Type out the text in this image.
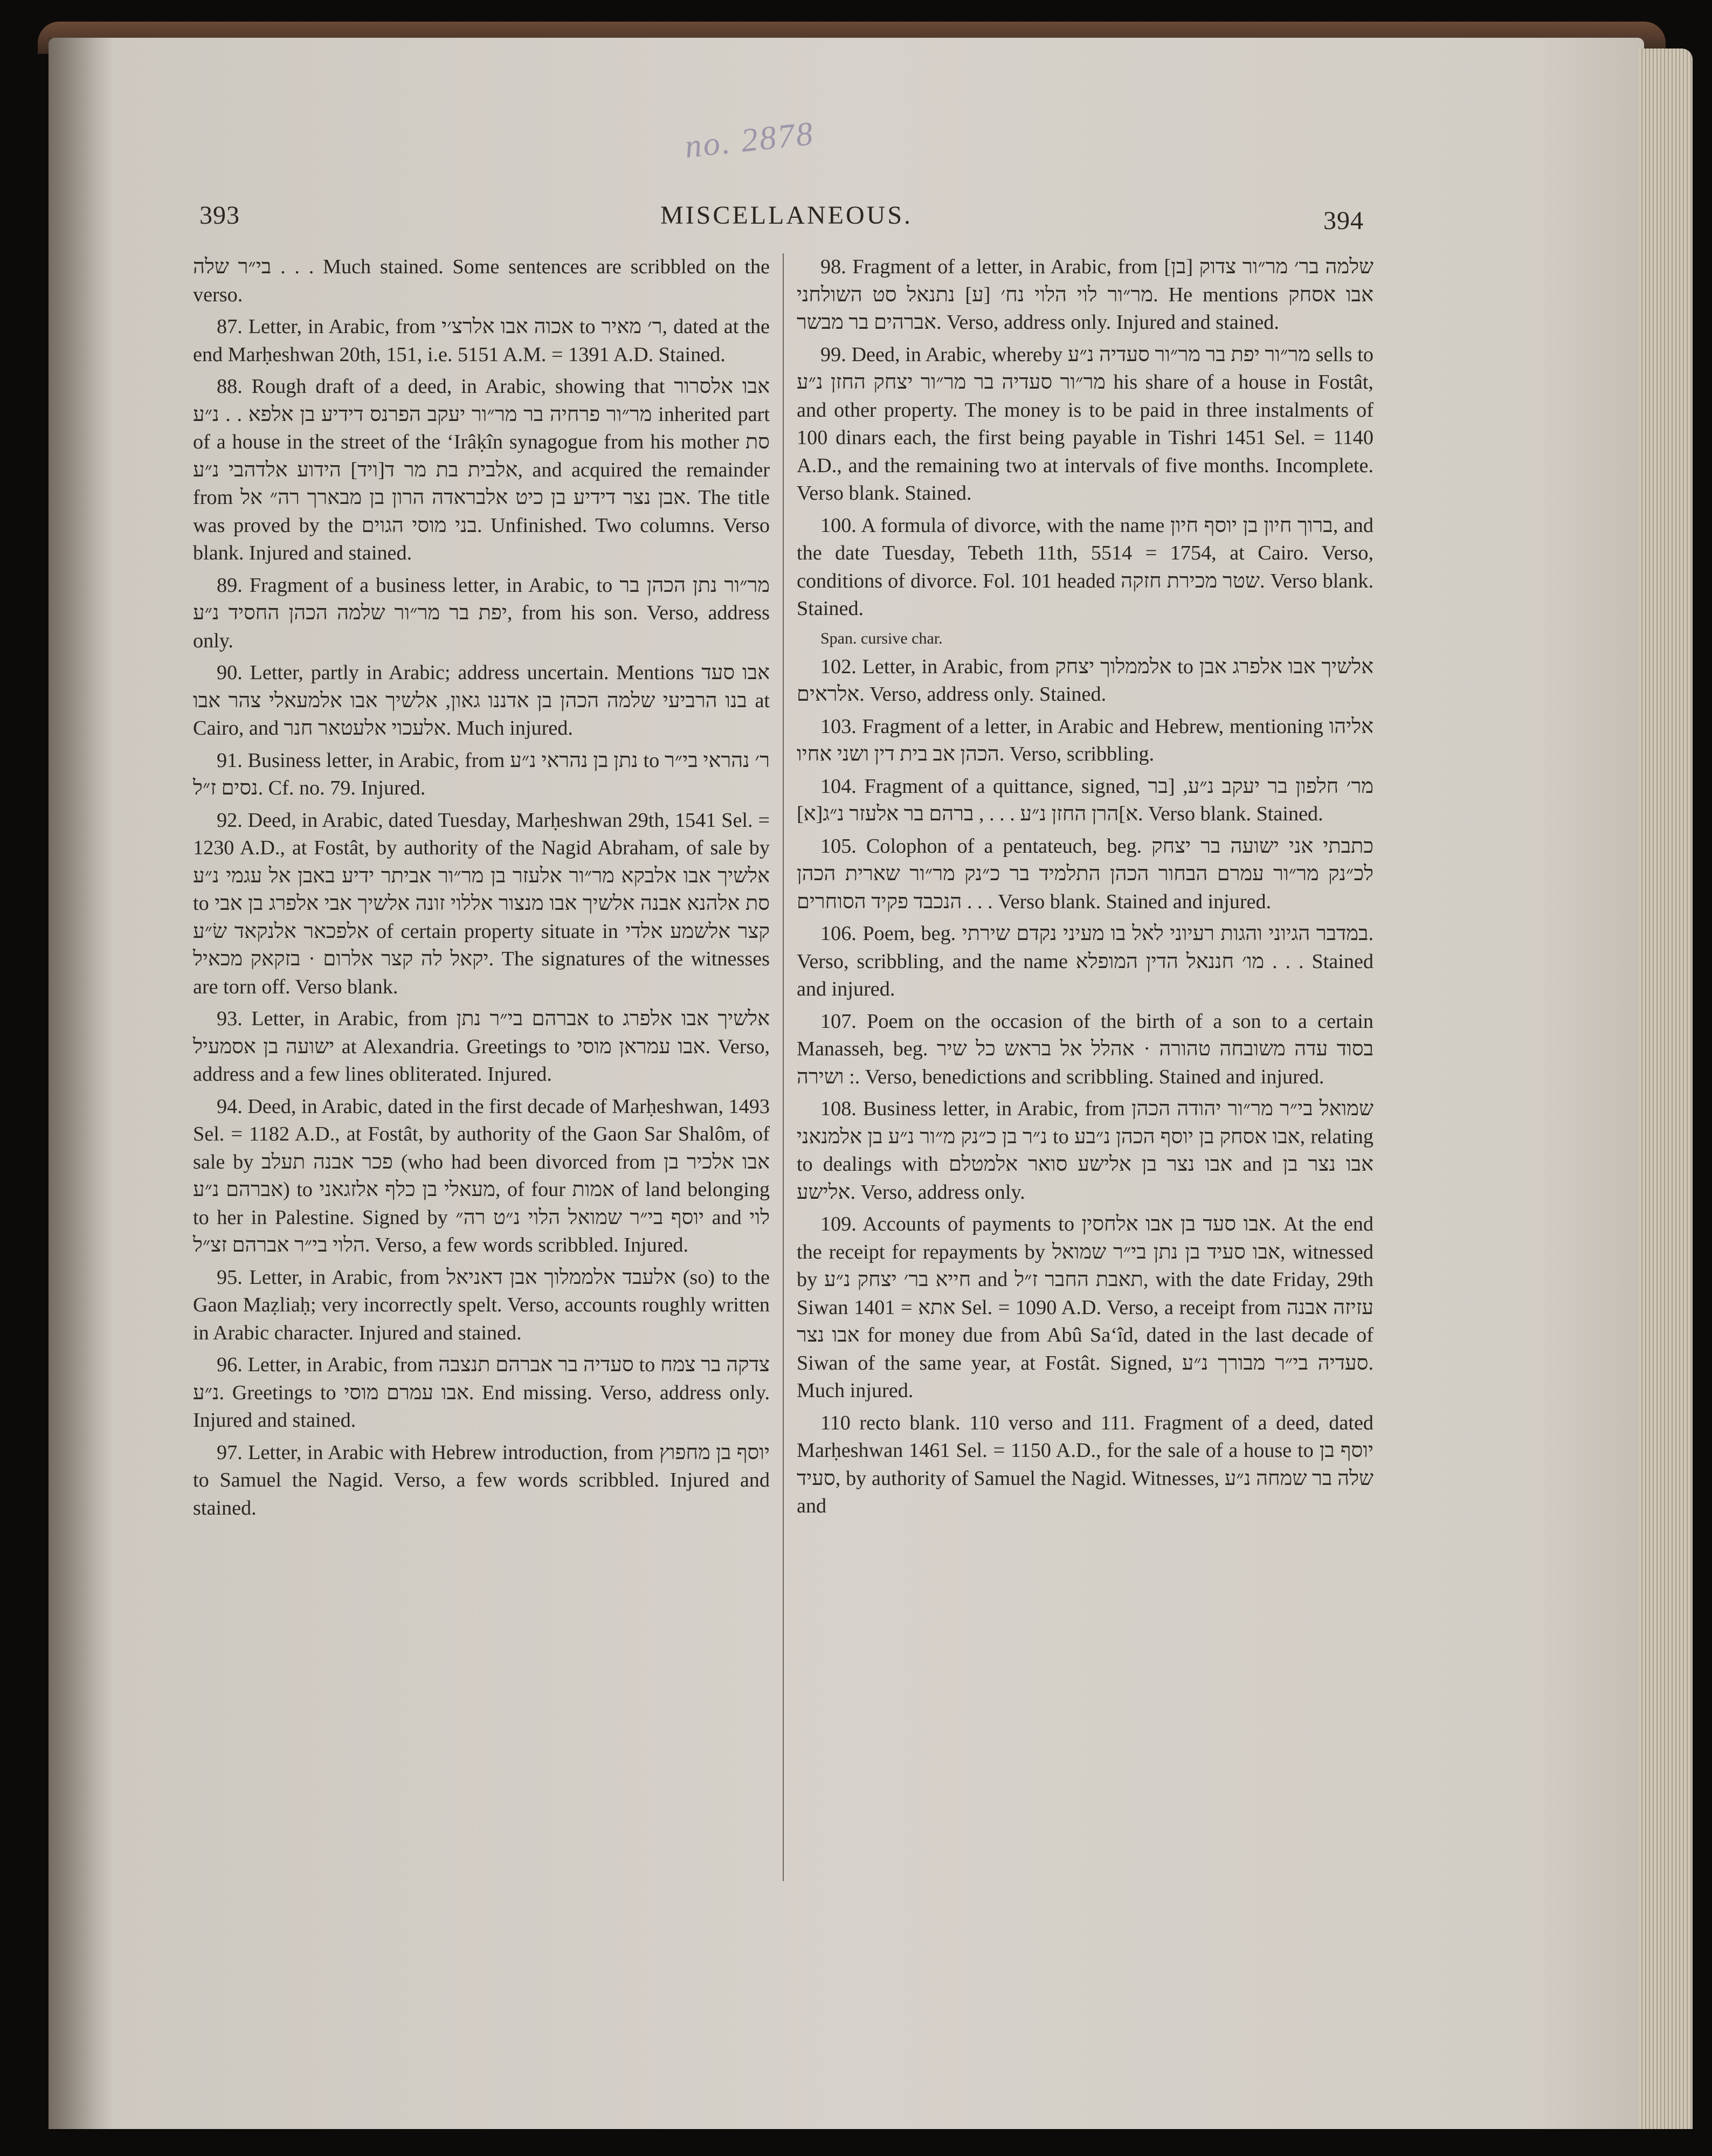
no. 2878
393	MISCELLANEOUS.	394

‫בי״ר שלה‬ . . . Much stained. Some sentences are scribbled on the verso.

87. Letter, in Arabic, from ‫אכוה אבו אלרצ׳י‬ to ‫ר׳ מאיר‬, dated at the end Marḥeshwan 20th, 151, i.e. 5151 A.M. = 1391 A.D. Stained.

88. Rough draft of a deed, in Arabic, showing that ‫אבו אלסרור מר״ור פרחיה בר מר״ור יעקב הפרנס דידיע בן‬ ‫אלפא . . נ״ע‬ inherited part of a house in the street of the ‘Irâḳîn synagogue from his mother ‫סת אלבית בת מר ד[ויד]‬ ‫הידוע אלדהבי נ״ע‬, and acquired the remainder from ‫אבן נצר‬ ‫דידיע בן כיט אלבראדה הרון בן מבארך רה״ אל‬. The title was proved by the ‫בני מוסי הגוים‬. Unfinished. Two columns. Verso blank. Injured and stained.

89. Fragment of a business letter, in Arabic, to ‫מר״ור נתן הכהן בר יפת בר מר״ור שלמה הכהן החסיד נ״ע‬, from his son. Verso, address only.

90. Letter, partly in Arabic; address uncertain. Mentions ‫אבו סעד בנו הרביעי שלמה הכהן בן אדננו גאון‬, ‫אלשיך אבו אלמעאלי צהר אבו‬ at Cairo, and ‫אלעכוי אלעטאר‬ ‫חנר‬. Much injured.

91. Business letter, in Arabic, from ‫נתן בן נהראי נ״ע‬ to ‫ר׳ נהראי בי״ר נסים ז״ל‬. Cf. no. 79. Injured.

92. Deed, in Arabic, dated Tuesday, Marḥeshwan 29th, 1541 Sel. = 1230 A.D., at Fostât, by authority of the Nagid Abraham, of sale by ‫אלשיך אבו אלבקא מר״ור‬ ‫אלעזר בן מר״ור אביתר ידיע באבן אל עגמי נ״ע‬ to ‫סת אלהנא‬ ‫אבנה אלשיך אבו מנצור אללוי זונה אלשיך אבי אלפרג בן אבי‬ ‫אלפכאר אלנקאד שׂ״ע‬ of certain property situate in ‫קצר‬ ‫אלשמע אלדי יקאל לה קצר אלרום · בזקאק מכאיל‬. The signatures of the witnesses are torn off. Verso blank.

93. Letter, in Arabic, from ‫אברהם בי״ר נתן‬ to ‫אלשיך‬ ‫אבו אלפרג ישועה בן אסמעיל‬ at Alexandria. Greetings to ‫אבו עמראן מוסי‬. Verso, address and a few lines obliterated. Injured.

94. Deed, in Arabic, dated in the first decade of Marḥeshwan, 1493 Sel. = 1182 A.D., at Fostât, by authority of the Gaon Sar Shalôm, of sale by ‫פכר אבנה‬ ‫תעלב‬ (who had been divorced from ‫אבו אלכיר בן אברהם‬ ‫נ״ע‬) to ‫מעאלי בן כלף אלזגאני‬, of four ‫אמות‬ of land belonging to her in Palestine. Signed by ‫יוסף בי״ר שמואל הלוי‬ ‫נ״ט רה״‬ and ‫לוי הלוי בי״ר אברהם זצ״ל‬. Verso, a few words scribbled. Injured.

95. Letter, in Arabic, from ‫אלעבד אלממלוך אבן‬ ‫דאניאל‬ (so) to the Gaon Maẓliaḥ; very incorrectly spelt. Verso, accounts roughly written in Arabic character. Injured and stained.

96. Letter, in Arabic, from ‫סעדיה בר אברהם תנצבה‬ to ‫צדקה בר צמח נ״ע‬. Greetings to ‫אבו עמרם מוסי‬. End missing. Verso, address only. Injured and stained.

97. Letter, in Arabic with Hebrew introduction, from ‫יוסף בן מחפוץ‬ to Samuel the Nagid. Verso, a few words scribbled. Injured and stained.

98. Fragment of a letter, in Arabic, from ‫שלמה בר׳‬ ‫מר״ור צדוק [בן] מר״ור לוי הלוי נח׳ [ע] נתנאל סט השולחני‬. He mentions ‫אבו אסחק אברהים בר מבשר‬. Verso, address only. Injured and stained.

99. Deed, in Arabic, whereby ‫מר״ור יפת בר מר״ור סעדיה‬ ‫נ״ע‬ sells to ‫מר״ור סעדיה בר מר״ור יצחק החזן נ״ע‬ his share of a house in Fostât, and other property. The money is to be paid in three instalments of 100 dinars each, the first being payable in Tishri 1451 Sel. = 1140 A.D., and the remaining two at intervals of five months. Incomplete. Verso blank. Stained.

100. A formula of divorce, with the name ‫ברוך חיון‬ ‫בן יוסף חיון‬, and the date Tuesday, Tebeth 11th, 5514 = 1754, at Cairo. Verso, conditions of divorce. Fol. 101 headed ‫שטר מכירת חזקה‬. Verso blank. Stained.

Span. cursive char.

102. Letter, in Arabic, from ‫אלממלוך יצחק‬ to ‫אלשיך‬ ‫אבו אלפרג אבן אלראים‬. Verso, address only. Stained.

103. Fragment of a letter, in Arabic and Hebrew, mentioning ‫אליהו הכהן אב בית דין ושני אחיו‬. Verso, scribbling.

104. Fragment of a quittance, signed, ‫מר׳ חלפון‬ ‫בר יעקב נ״ע‬, ‫[בר א]הרן החזן נ״ע‬ . . . , ‫ברהם בר אלעזר נ״ג‬[א]. Verso blank. Stained.

105. Colophon of a pentateuch, beg. ‫כתבתי אני ישועה‬ ‫בר יצחק לכ״נק מר״ור עמרם הבחור הכהן התלמיד בר כ״נק מר״ור‬ ‫שארית הכהן הנכבד פקיד הסוחרים‬ . . . Verso blank. Stained and injured.

106. Poem, beg. ‫במדבר הגיוני והגות רעיוני לאל בו‬ ‫מעיני נקדם שירתי‬. Verso, scribbling, and the name ‫מו׳ חננאל הדין המופלא‬ . . . Stained and injured.

107. Poem on the occasion of the birth of a son to a certain Manasseh, beg. ‫בסוד עדה משובחה טהורה · אהלל‬ ‫אל בראש כל שיר ושירה‬ :. Verso, benedictions and scribbling. Stained and injured.

108. Business letter, in Arabic, from ‫שמואל בי״ר‬ ‫מר״ור יהודה הכהן נ״ר בן כ״נק מ״ור נ״ע בן אלמנאני‬ to ‫אבו אסחק בן‬ ‫יוסף הכהן נ״בע‬, relating to dealings with ‫אבו נצר בן אלישע סואר אלמטלם‬ and ‫אבו נצר בן אלישע‬. Verso, address only.

109. Accounts of payments to ‫אבו סעד בן אבו אלחסין‬. At the end the receipt for repayments by ‫אבו סעיד בן‬ ‫נתן בי״ר שמואל‬, witnessed by ‫חייא בר׳ יצחק נ״ע‬ and ‫תאבת‬ ‫החבר ז״ל‬, with the date Friday, 29th Siwan ‫אתא‬ = 1401 Sel. = 1090 A.D. Verso, a receipt from ‫עזיזה‬ ‫אבנה אבו נצר‬ for money due from Abû Sa‘îd, dated in the last decade of Siwan of the same year, at Fostât. Signed, ‫סעדיה בי״ר מבורך נ״ע‬. Much injured.

110 recto blank. 110 verso and 111. Fragment of a deed, dated Marḥeshwan 1461 Sel. = 1150 A.D., for the sale of a house to ‫יוסף בן סעיד‬, by authority of Samuel the Nagid. Witnesses, ‫שלה בר שמחה נ״ע‬ and
